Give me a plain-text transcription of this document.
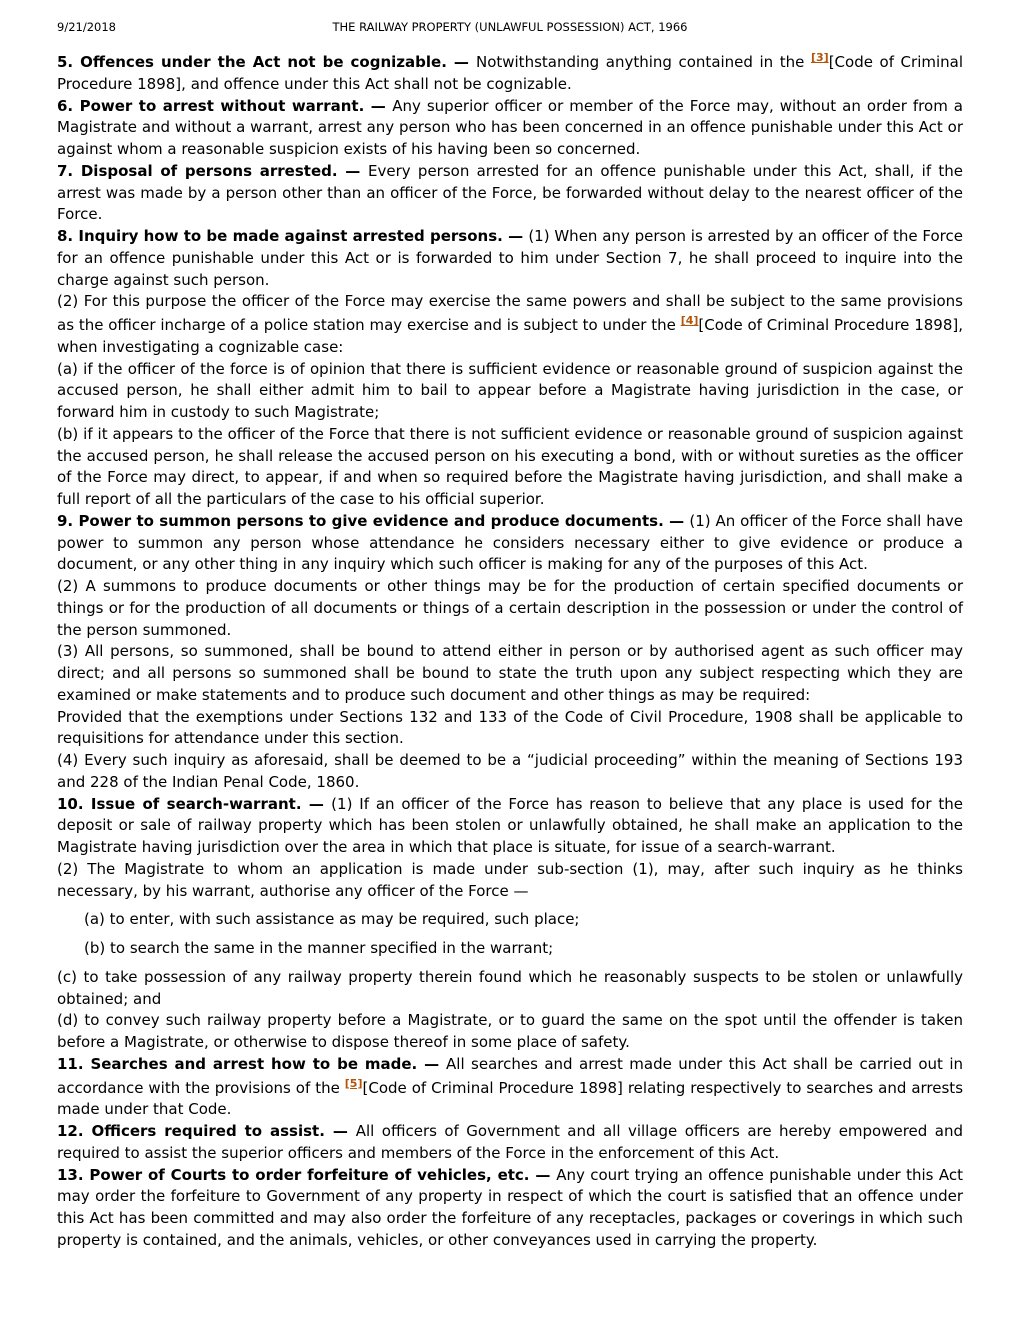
9/21/2018	THE RAILWAY PROPERTY (UNLAWFUL POSSESSION) ACT, 1966

5. Offences under the Act not be cognizable. — Notwithstanding anything contained in the [3][Code of Criminal Procedure 1898], and offence under this Act shall not be cognizable.

6. Power to arrest without warrant. — Any superior officer or member of the Force may, without an order from a Magistrate and without a warrant, arrest any person who has been concerned in an offence punishable under this Act or against whom a reasonable suspicion exists of his having been so concerned.

7. Disposal of persons arrested. — Every person arrested for an offence punishable under this Act, shall, if the arrest was made by a person other than an officer of the Force, be forwarded without delay to the nearest officer of the Force.

8. Inquiry how to be made against arrested persons. — (1) When any person is arrested by an officer of the Force for an offence punishable under this Act or is forwarded to him under Section 7, he shall proceed to inquire into the charge against such person.

(2) For this purpose the officer of the Force may exercise the same powers and shall be subject to the same provisions as the officer incharge of a police station may exercise and is subject to under the [4][Code of Criminal Procedure 1898], when investigating a cognizable case:

(a) if the officer of the force is of opinion that there is sufficient evidence or reasonable ground of suspicion against the accused person, he shall either admit him to bail to appear before a Magistrate having jurisdiction in the case, or forward him in custody to such Magistrate;

(b) if it appears to the officer of the Force that there is not sufficient evidence or reasonable ground of suspicion against the accused person, he shall release the accused person on his executing a bond, with or without sureties as the officer of the Force may direct, to appear, if and when so required before the Magistrate having jurisdiction, and shall make a full report of all the particulars of the case to his official superior.

9. Power to summon persons to give evidence and produce documents. — (1) An officer of the Force shall have power to summon any person whose attendance he considers necessary either to give evidence or produce a document, or any other thing in any inquiry which such officer is making for any of the purposes of this Act.

(2) A summons to produce documents or other things may be for the production of certain specified documents or things or for the production of all documents or things of a certain description in the possession or under the control of the person summoned.

(3) All persons, so summoned, shall be bound to attend either in person or by authorised agent as such officer may direct; and all persons so summoned shall be bound to state the truth upon any subject respecting which they are examined or make statements and to produce such document and other things as may be required:

Provided that the exemptions under Sections 132 and 133 of the Code of Civil Procedure, 1908 shall be applicable to requisitions for attendance under this section.

(4) Every such inquiry as aforesaid, shall be deemed to be a “judicial proceeding” within the meaning of Sections 193 and 228 of the Indian Penal Code, 1860.

10. Issue of search-warrant. — (1) If an officer of the Force has reason to believe that any place is used for the deposit or sale of railway property which has been stolen or unlawfully obtained, he shall make an application to the Magistrate having jurisdiction over the area in which that place is situate, for issue of a search-warrant.

(2) The Magistrate to whom an application is made under sub-section (1), may, after such inquiry as he thinks necessary, by his warrant, authorise any officer of the Force —

(a) to enter, with such assistance as may be required, such place;

(b) to search the same in the manner specified in the warrant;

(c) to take possession of any railway property therein found which he reasonably suspects to be stolen or unlawfully obtained; and

(d) to convey such railway property before a Magistrate, or to guard the same on the spot until the offender is taken before a Magistrate, or otherwise to dispose thereof in some place of safety.

11. Searches and arrest how to be made. — All searches and arrest made under this Act shall be carried out in accordance with the provisions of the [5][Code of Criminal Procedure 1898] relating respectively to searches and arrests made under that Code.

12. Officers required to assist. — All officers of Government and all village officers are hereby empowered and required to assist the superior officers and members of the Force in the enforcement of this Act.

13. Power of Courts to order forfeiture of vehicles, etc. — Any court trying an offence punishable under this Act may order the forfeiture to Government of any property in respect of which the court is satisfied that an offence under this Act has been committed and may also order the forfeiture of any receptacles, packages or coverings in which such property is contained, and the animals, vehicles, or other conveyances used in carrying the property.
